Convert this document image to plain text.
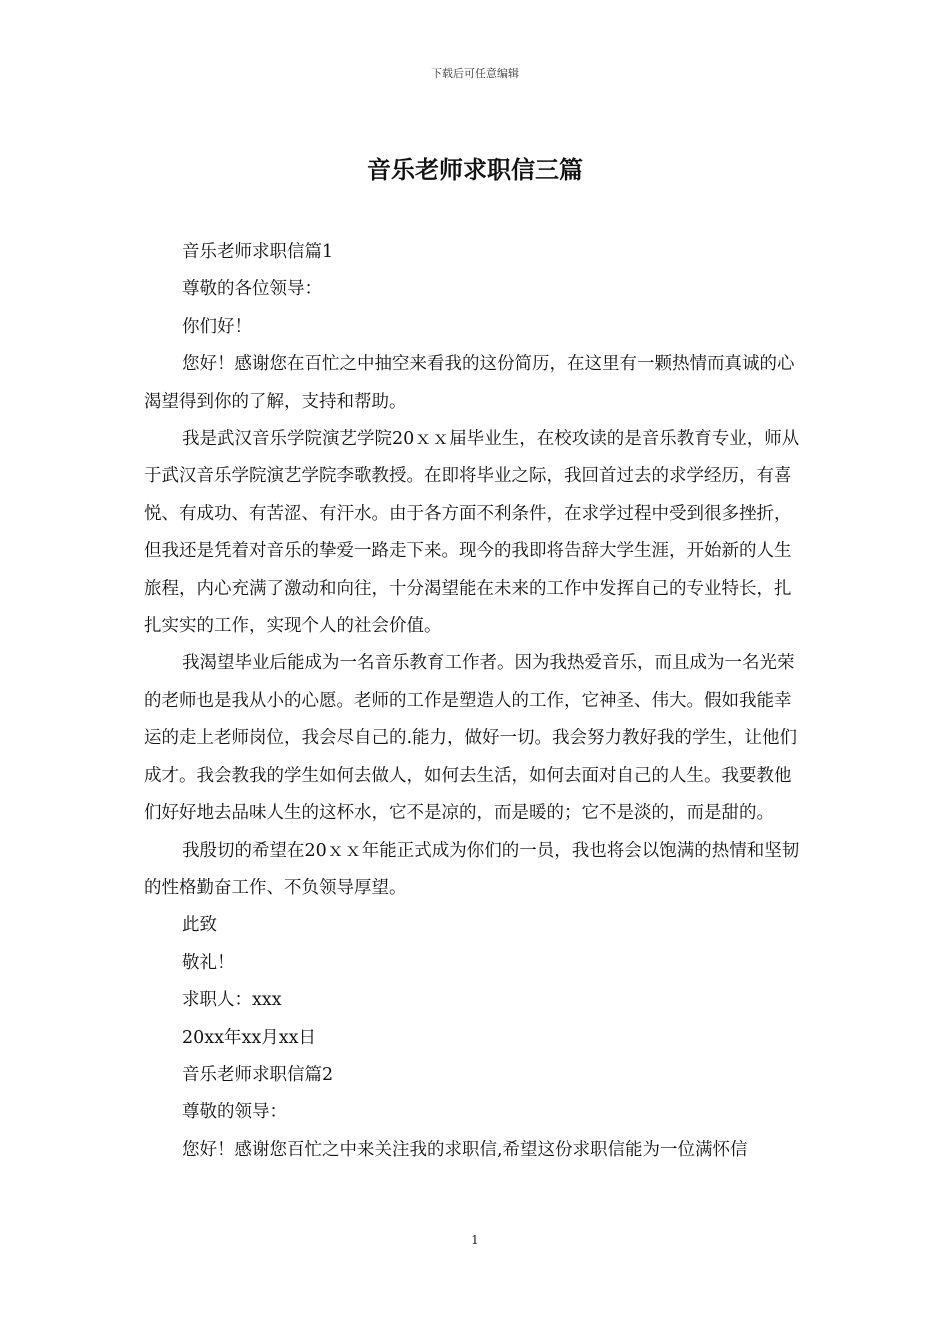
下载后可任意编辑
音乐老师求职信三篇

音乐老师求职信篇1

尊敬的各位领导：

你们好！

您好！感谢您在百忙之中抽空来看我的这份简历，在这里有一颗热情而真诚的心渴望得到你的了解，支持和帮助。

我是武汉音乐学院演艺学院20ｘｘ届毕业生，在校攻读的是音乐教育专业，师从于武汉音乐学院演艺学院李歌教授。在即将毕业之际，我回首过去的求学经历，有喜悦、有成功、有苦涩、有汗水。由于各方面不利条件，在求学过程中受到很多挫折，但我还是凭着对音乐的挚爱一路走下来。现今的我即将告辞大学生涯，开始新的人生旅程，内心充满了激动和向往，十分渴望能在未来的工作中发挥自己的专业特长，扎扎实实的工作，实现个人的社会价值。

我渴望毕业后能成为一名音乐教育工作者。因为我热爱音乐，而且成为一名光荣的老师也是我从小的心愿。老师的工作是塑造人的工作，它神圣、伟大。假如我能幸运的走上老师岗位，我会尽自己的.能力，做好一切。我会努力教好我的学生，让他们成才。我会教我的学生如何去做人，如何去生活，如何去面对自己的人生。我要教他们好好地去品味人生的这杯水，它不是凉的，而是暖的；它不是淡的，而是甜的。

我殷切的希望在20ｘｘ年能正式成为你们的一员，我也将会以饱满的热情和坚韧的性格勤奋工作、不负领导厚望。

此致

敬礼！

求职人：xxx

20xx年xx月xx日

音乐老师求职信篇2

尊敬的领导：

您好！感谢您百忙之中来关注我的求职信,希望这份求职信能为一位满怀信

1
